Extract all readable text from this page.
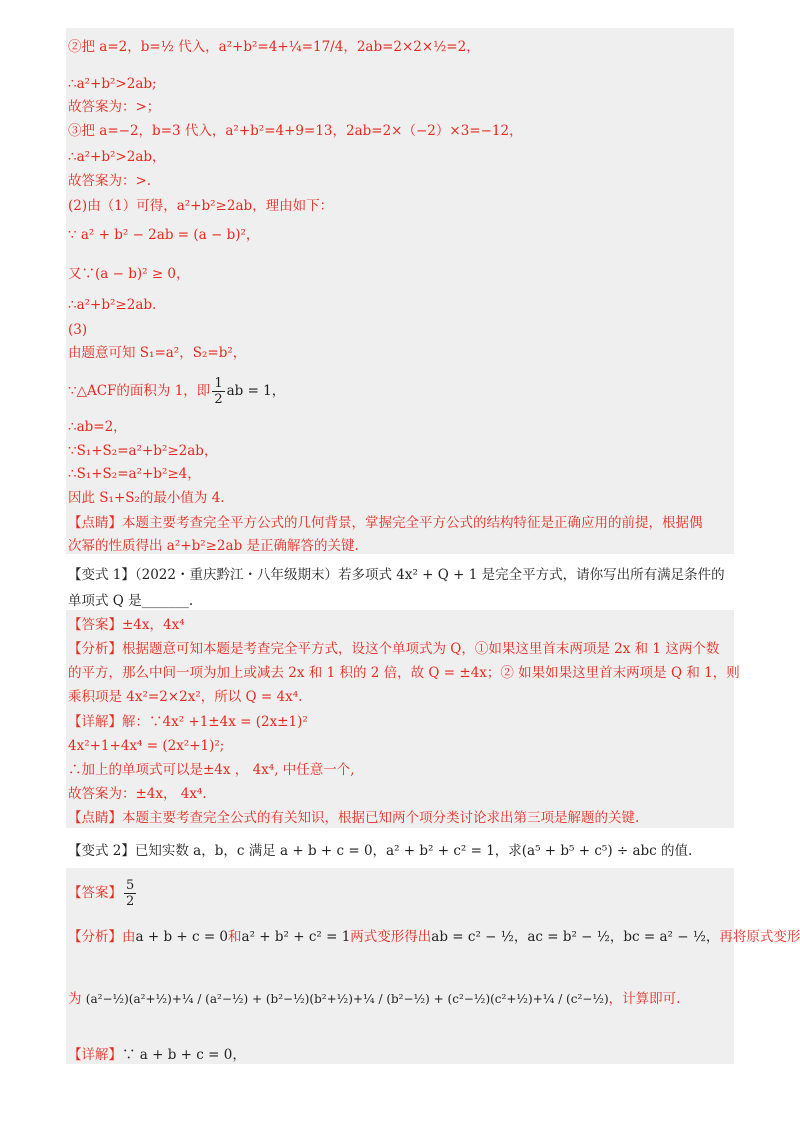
②把 a=2，b=½ 代入，a²+b²=4+¼=17/4，2ab=2×2×½=2，
∴a²+b²>2ab;
故答案为：>；
③把 a=−2，b=3 代入，a²+b²=4+9=13，2ab=2×（−2）×3=−12，
∴a²+b²>2ab，
故答案为：>.
(2)由（1）可得，a²+b²≥2ab，理由如下：
∵ a² + b² − 2ab = (a − b)²，
又∵(a − b)² ≥ 0，
∴a²+b²≥2ab.
(3)
由题意可知 S₁=a²，S₂=b²，
∵△ACF的面积为 1，即 $\frac{1}{2}$ ab = 1，
∴ab=2，
∵S₁+S₂=a²+b²≥2ab，
∴S₁+S₂=a²+b²≥4，
因此 S₁+S₂的最小值为 4.
【点睛】本题主要考查完全平方公式的几何背景，掌握完全平方公式的结构特征是正确应用的前提，根据偶
次幂的性质得出 a²+b²≥2ab 是正确解答的关键.
【变式 1】（2022・重庆黔江・八年级期末）若多项式 4x² + Q + 1 是完全平方式，请你写出所有满足条件的
单项式 Q 是_______.
【答案】±4x，4x⁴
【分析】根据题意可知本题是考查完全平方式，设这个单项式为 Q，①如果这里首末两项是 2x 和 1 这两个数
的平方，那么中间一项为加上或减去 2x 和 1 积的 2 倍，故 Q = ±4x；② 如果如果这里首末两项是 Q 和 1，则
乘积项是 4x²=2×2x²，所以 Q = 4x⁴.
【详解】解：∵4x² +1±4x = (2x±1)²
4x²+1+4x⁴ = (2x²+1)²;
∴加上的单项式可以是±4x ， 4x⁴, 中任意一个,
故答案为：±4x， 4x⁴.
【点睛】本题主要考查完全公式的有关知识，根据已知两个项分类讨论求出第三项是解题的关键.
【变式 2】已知实数 a，b，c 满足 a + b + c = 0，a² + b² + c² = 1，求(a⁵ + b⁵ + c⁵) ÷ abc 的值.
【答案】 $\frac{5}{2}$
【分析】由a + b + c = 0和a² + b² + c² = 1两式变形得出ab = c² − ½，ac = b² − ½，bc = a² − ½，再将原式变形
为 (a²−½)(a²+½)+¼ / (a²−½) + (b²−½)(b²+½)+¼ / (b²−½) + (c²−½)(c²+½)+¼ / (c²−½)，计算即可.
【详解】∵ a + b + c = 0，
